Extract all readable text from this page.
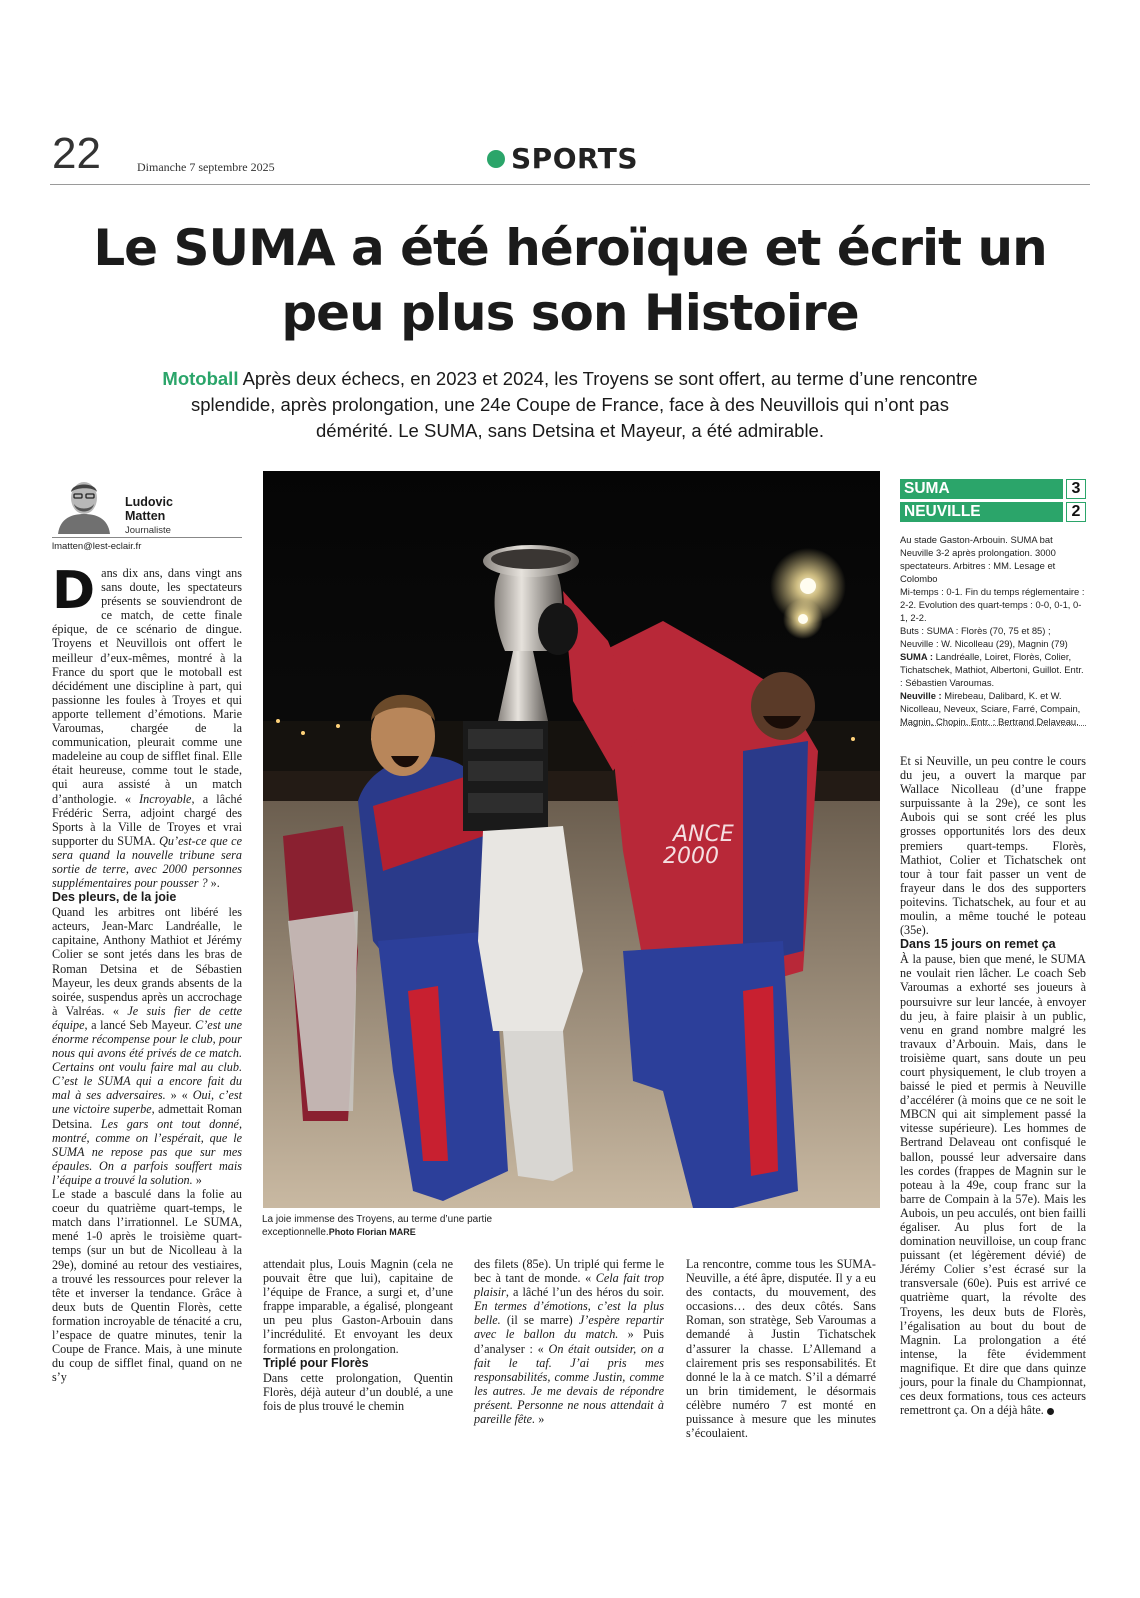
22	Dimanche 7 septembre 2025	SPORTS
Le SUMA a été héroïque et écrit un peu plus son Histoire
Motoball Après deux échecs, en 2023 et 2024, les Troyens se sont offert, au terme d’une rencontre splendide, après prolongation, une 24e Coupe de France, face à des Neuvillois qui n’ont pas démérité. Le SUMA, sans Detsina et Mayeur, a été admirable.
Ludovic Matten
Journaliste
lmatten@lest-eclair.fr

Dans dix ans, dans vingt ans sans doute, les spectateurs présents se souviendront de ce match, de cette finale épique, de ce scénario de dingue. Troyens et Neuvillois ont offert le meilleur d’eux-mêmes, montré à la France du sport que le motoball est décidément une discipline à part, qui passionne les foules à Troyes et qui apporte tellement d’émotions. Marie Varoumas, chargée de la communication, pleurait comme une madeleine au coup de sifflet final. Elle était heureuse, comme tout le stade, qui aura assisté à un match d’anthologie. « Incroyable, a lâché Frédéric Serra, adjoint chargé des Sports à la Ville de Troyes et vrai supporter du SUMA. Qu’est-ce que ce sera quand la nouvelle tribune sera sortie de terre, avec 2000 personnes supplémentaires pour pousser ? ».

Des pleurs, de la joie

Quand les arbitres ont libéré les acteurs, Jean-Marc Landréalle, le capitaine, Anthony Mathiot et Jérémy Colier se sont jetés dans les bras de Roman Detsina et de Sébastien Mayeur, les deux grands absents de la soirée, suspendus après un accrochage à Valréas. « Je suis fier de cette équipe, a lancé Seb Mayeur. C’est une énorme récompense pour le club, pour nous qui avons été privés de ce match. Certains ont voulu faire mal au club. C’est le SUMA qui a encore fait du mal à ses adversaires. » « Oui, c’est une victoire superbe, admettait Roman Detsina. Les gars ont tout donné, montré, comme on l’espérait, que le SUMA ne repose pas que sur mes épaules. On a parfois souffert mais l’équipe a trouvé la solution. »

Le stade a basculé dans la folie au coeur du quatrième quart-temps, le match dans l’irrationnel. Le SUMA, mené 1-0 après le troisième quart-temps (sur un but de Nicolleau à la 29e), dominé au retour des vestiaires, a trouvé les ressources pour relever la tête et inverser la tendance. Grâce à deux buts de Quentin Florès, cette formation incroyable de ténacité a cru, l’espace de quatre minutes, tenir la Coupe de France. Mais, à une minute du coup de sifflet final, quand on ne s’y

ANCE
2000
La joie immense des Troyens, au terme d’une partie exceptionnelle.Photo Florian MARE

attendait plus, Louis Magnin (cela ne pouvait être que lui), capitaine de l’équipe de France, a surgi et, d’une frappe imparable, a égalisé, plongeant un peu plus Gaston-Arbouin dans l’incrédulité. Et envoyant les deux formations en prolongation.

Triplé pour Florès

Dans cette prolongation, Quentin Florès, déjà auteur d’un doublé, a une fois de plus trouvé le chemin

des filets (85e). Un triplé qui ferme le bec à tant de monde. « Cela fait trop plaisir, a lâché l’un des héros du soir. En termes d’émotions, c’est la plus belle. (il se marre) J’espère repartir avec le ballon du match. » Puis d’analyser : « On était outsider, on a fait le taf. J’ai pris mes responsabilités, comme Justin, comme les autres. Je me devais de répondre présent. Personne ne nous attendait à pareille fête. »

La rencontre, comme tous les SUMA-Neuville, a été âpre, disputée. Il y a eu des contacts, du mouvement, des occasions… des deux côtés. Sans Roman, son stratège, Seb Varoumas a demandé à Justin Tichatschek d’assurer la chasse. L’Allemand a clairement pris ses responsabilités. Et donné le la à ce match. S’il a démarré un brin timidement, le désormais célèbre numéro 7 est monté en puissance à mesure que les minutes s’écoulaient.

SUMA	3
NEUVILLE	2

Au stade Gaston-Arbouin. SUMA bat Neuville 3-2 après prolongation. 3000 spectateurs. Arbitres : MM. Lesage et Colombo

Mi-temps : 0-1. Fin du temps réglementaire : 2-2. Evolution des quart-temps : 0-0, 0-1, 0-1, 2-2.

Buts : SUMA : Florès (70, 75 et 85) ; Neuville : W. Nicolleau (29), Magnin (79)

SUMA : Landréalle, Loiret, Florès, Colier, Tichatschek, Mathiot, Albertoni, Guillot. Entr. : Sébastien Varoumas.

Neuville : Mirebeau, Dalibard, K. et W. Nicolleau, Neveux, Sciare, Farré, Compain, Magnin, Chopin. Entr. : Bertrand Delaveau.

Et si Neuville, un peu contre le cours du jeu, a ouvert la marque par Wallace Nicolleau (d’une frappe surpuissante à la 29e), ce sont les Aubois qui se sont créé les plus grosses opportunités lors des deux premiers quart-temps. Florès, Mathiot, Colier et Tichatschek ont tour à tour fait passer un vent de frayeur dans le dos des supporters poitevins. Tichatschek, au four et au moulin, a même touché le poteau (35e).

Dans 15 jours on remet ça

À la pause, bien que mené, le SUMA ne voulait rien lâcher. Le coach Seb Varoumas a exhorté ses joueurs à poursuivre sur leur lancée, à envoyer du jeu, à faire plaisir à un public, venu en grand nombre malgré les travaux d’Arbouin. Mais, dans le troisième quart, sans doute un peu court physiquement, le club troyen a baissé le pied et permis à Neuville d’accélérer (à moins que ce ne soit le MBCN qui ait simplement passé la vitesse supérieure). Les hommes de Bertrand Delaveau ont confisqué le ballon, poussé leur adversaire dans les cordes (frappes de Magnin sur le poteau à la 49e, coup franc sur la barre de Compain à la 57e). Mais les Aubois, un peu acculés, ont bien failli égaliser. Au plus fort de la domination neuvilloise, un coup franc puissant (et légèrement dévié) de Jérémy Colier s’est écrasé sur la transversale (60e). Puis est arrivé ce quatrième quart, la révolte des Troyens, les deux buts de Florès, l’égalisation au bout du bout de Magnin. La prolongation a été intense, la fête évidemment magnifique. Et dire que dans quinze jours, pour la finale du Championnat, ces deux formations, tous ces acteurs remettront ça. On a déjà hâte.
